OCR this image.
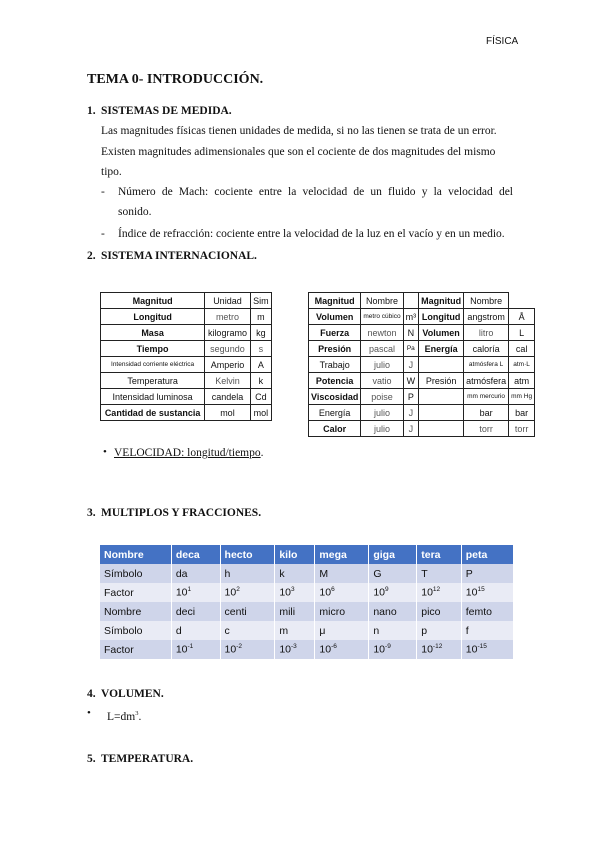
FÍSICA
TEMA 0- INTRODUCCIÓN.
1. SISTEMAS DE MEDIDA.
Las magnitudes físicas tienen unidades de medida, si no las tienen se trata de un error.
Existen magnitudes adimensionales que son el cociente de dos magnitudes del mismo
tipo.
- Número de Mach: cociente entre la velocidad de un fluido y la velocidad del
sonido.
- Índice de refracción: cociente entre la velocidad de la luz en el vacío y en un medio.
2. SISTEMA INTERNACIONAL.
Magnitud	Unidad	Sim
Longitud	metro	m
Masa	kilogramo	kg
Tiempo	segundo	s
Intensidad corriente eléctrica	Amperio	A
Temperatura	Kelvin	k
Intensidad luminosa	candela	Cd
Cantidad de sustancia	mol	mol
Magnitud	Nombre		Magnitud	Nombre	
Volumen	metro cúbico	m³	Longitud	angstrom	Å
Fuerza	newton	N	Volumen	litro	L
Presión	pascal	Pa	Energía	caloría	cal
Trabajo	julio	J		atmósfera L	atm·L
Potencia	vatio	W	Presión	atmósfera	atm
Viscosidad	poise	P		mm mercurio	mm Hg
Energía	julio	J		bar	bar
Calor	julio	J		torr	torr
• VELOCIDAD: longitud/tiempo.
3. MULTIPLOS Y FRACCIONES.
Nombre	deca	hecto	kilo	mega	giga	tera	peta
Símbolo	da	h	k	M	G	T	P
Factor	$10^1$	$10^2$	$10^3$	$10^6$	$10^9$	$10^{12}$	$10^{15}$
Nombre	deci	centi	mili	micro	nano	pico	femto
Símbolo	d	c	m	μ	n	p	f
Factor	$10^{-1}$	$10^{-2}$	$10^{-3}$	$10^{-6}$	$10^{-9}$	$10^{-12}$	$10^{-15}$
4. VOLUMEN.
• $L=dm^3$.
5. TEMPERATURA.
